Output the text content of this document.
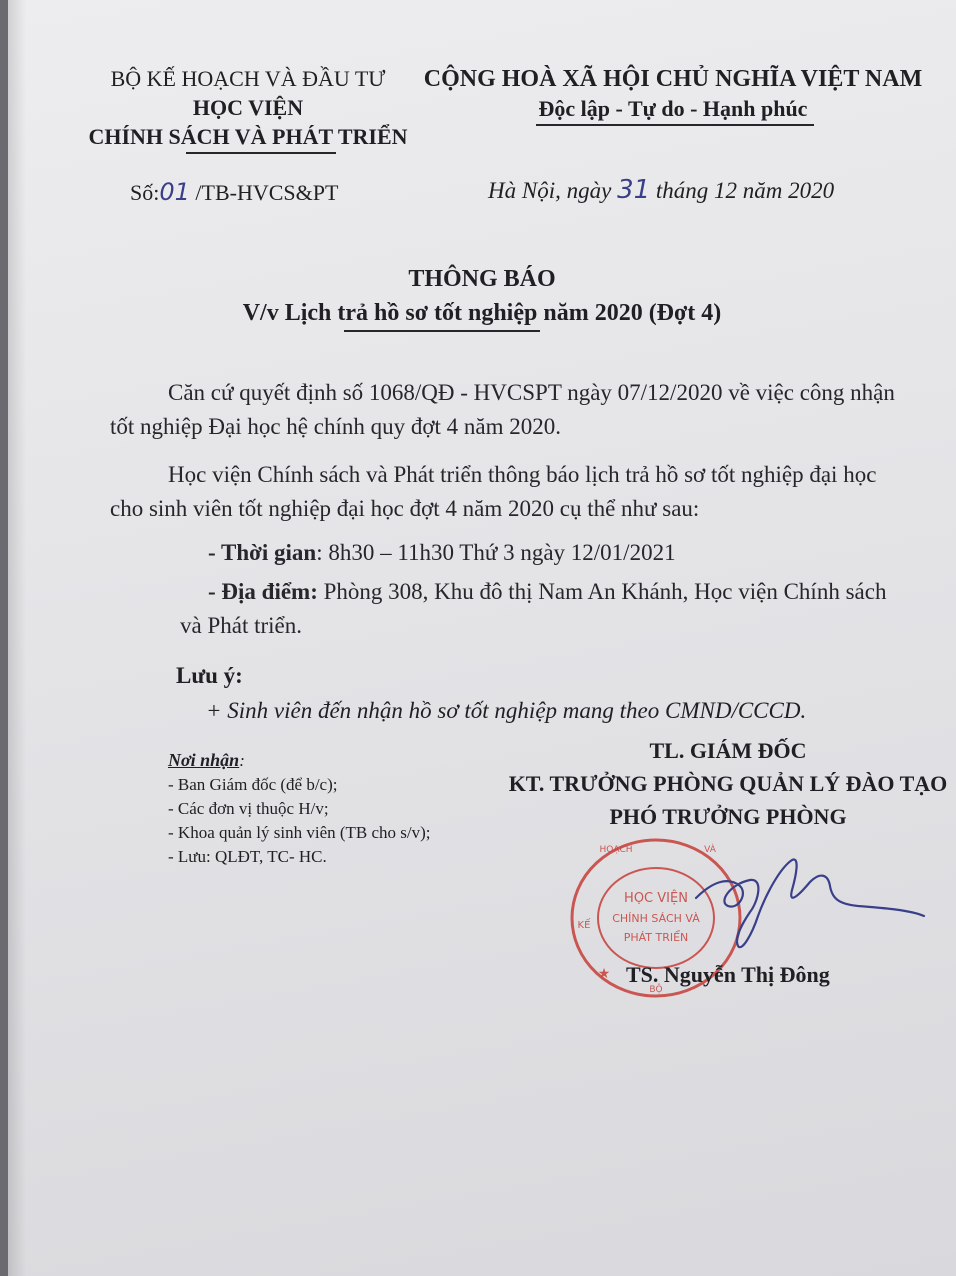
BỘ KẾ HOẠCH VÀ ĐẦU TƯ
HỌC VIỆN
CHÍNH SÁCH VÀ PHÁT TRIỂN
CỘNG HOÀ XÃ HỘI CHỦ NGHĨA VIỆT NAM
Độc lập - Tự do - Hạnh phúc
Số:01 /TB-HVCS&PT	Hà Nội, ngày 31 tháng 12 năm 2020
THÔNG BÁO
V/v Lịch trả hồ sơ tốt nghiệp năm 2020 (Đợt 4)
Căn cứ quyết định số 1068/QĐ - HVCSPT ngày 07/12/2020 về việc công nhận tốt nghiệp Đại học hệ chính quy đợt 4 năm 2020.
Học viện Chính sách và Phát triển thông báo lịch trả hồ sơ tốt nghiệp đại học cho sinh viên tốt nghiệp đại học đợt 4 năm 2020 cụ thể như sau:
- Thời gian: 8h30 – 11h30 Thứ 3 ngày 12/01/2021
- Địa điểm: Phòng 308, Khu đô thị Nam An Khánh, Học viện Chính sách và Phát triển.
Lưu ý:
+ Sinh viên đến nhận hồ sơ tốt nghiệp mang theo CMND/CCCD.
Nơi nhận:
- Ban Giám đốc (để b/c);
- Các đơn vị thuộc H/v;
- Khoa quản lý sinh viên (TB cho s/v);
- Lưu: QLĐT, TC- HC.
TL. GIÁM ĐỐC
KT. TRƯỞNG PHÒNG QUẢN LÝ ĐÀO TẠO
PHÓ TRƯỞNG PHÒNG
HỌC VIỆN
CHÍNH SÁCH VÀ
PHÁT TRIỂN
KẾ
HOẠCH	VÀ
BỘ
★ TS. Nguyễn Thị Đông
